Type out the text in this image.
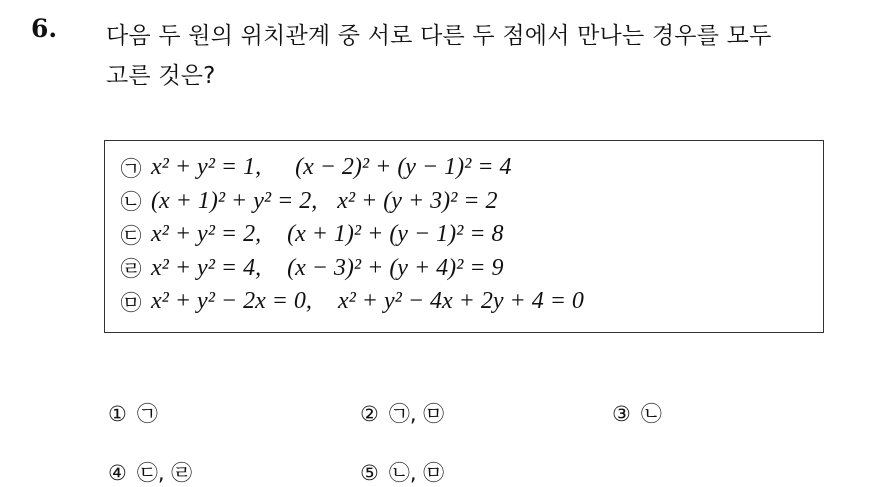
6. 다음 두 원의 위치관계 중 서로 다른 두 점에서 만나는 경우를 모두
고른 것은?
㉠ x² + y² = 1, (x − 2)² + (y − 1)² = 4
㉡ (x + 1)² + y² = 2, x² + (y + 3)² = 2
㉢ x² + y² = 2, (x + 1)² + (y − 1)² = 8
㉣ x² + y² = 4, (x − 3)² + (y + 4)² = 9
㉤ x² + y² − 2x = 0, x² + y² − 4x + 2y + 4 = 0
① ㉠	② ㉠, ㉤	③ ㉡
④ ㉢, ㉣	⑤ ㉡, ㉤
